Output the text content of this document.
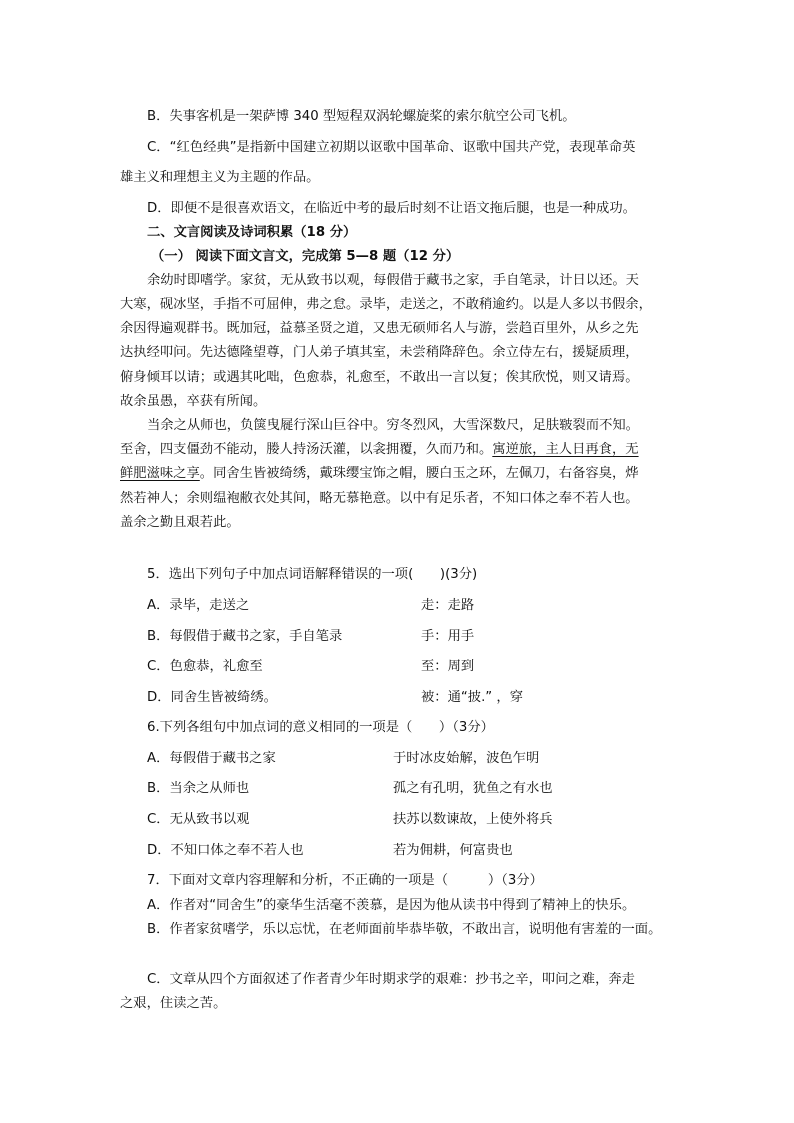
B．失事客机是一架萨博 340 型短程双涡轮螺旋桨的索尔航空公司飞机。
C．“红色经典”是指新中国建立初期以讴歌中国革命、讴歌中国共产党，表现革命英
雄主义和理想主义为主题的作品。
D．即便不是很喜欢语文，在临近中考的最后时刻不让语文拖后腿，也是一种成功。
二、文言阅读及诗词积累（18 分）
（一） 阅读下面文言文，完成第 5—8 题（12 分）
余幼时即嗜学。家贫，无从致书以观，每假借于藏书之家，手自笔录，计日以还。天
大寒，砚冰坚，手指不可屈伸，弗之怠。录毕，走送之，不敢稍逾约。以是人多以书假余，
余因得遍观群书。既加冠，益慕圣贤之道，又患无硕师名人与游，尝趋百里外，从乡之先
达执经叩问。先达德隆望尊，门人弟子填其室，未尝稍降辞色。余立侍左右，援疑质理，
俯身倾耳以请；或遇其叱咄，色愈恭，礼愈至，不敢出一言以复；俟其欣悦，则又请焉。
故余虽愚，卒获有所闻。
当余之从师也，负箧曳屣行深山巨谷中。穷冬烈风，大雪深数尺，足肤皲裂而不知。
至舍，四支僵劲不能动，媵人持汤沃灌，以衾拥覆，久而乃和。寓逆旅，主人日再食，无
鲜肥滋味之享。同舍生皆被绮绣，戴珠缨宝饰之帽，腰白玉之环，左佩刀，右备容臭，烨
然若神人；余则缊袍敝衣处其间，略无慕艳意。以中有足乐者，不知口体之奉不若人也。
盖余之勤且艰若此。
5．选出下列句子中加点词语解释错误的一项(　　)(3分)
A．录毕，走送之	走：走路
B．每假借于藏书之家，手自笔录	手：用手
C．色愈恭，礼愈至	至：周到
D．同舍生皆被绮绣。	被：通“披.” ，穿
6.下列各组句中加点词的意义相同的一项是（　　）（3分）
A．每假借于藏书之家	于时冰皮始解，波色乍明
B．当余之从师也	孤之有孔明，犹鱼之有水也
C．无从致书以观	扶苏以数谏故，上使外将兵
D．不知口体之奉不若人也	若为佣耕，何富贵也
7．下面对文章内容理解和分析，不正确的一项是（　　　）（3分）
A．作者对“同舍生”的豪华生活毫不羡慕，是因为他从读书中得到了精神上的快乐。
B．作者家贫嗜学，乐以忘忧，在老师面前毕恭毕敬，不敢出言，说明他有害羞的一面。
C．文章从四个方面叙述了作者青少年时期求学的艰难：抄书之辛，叩问之难，奔走
之艰，住读之苦。
